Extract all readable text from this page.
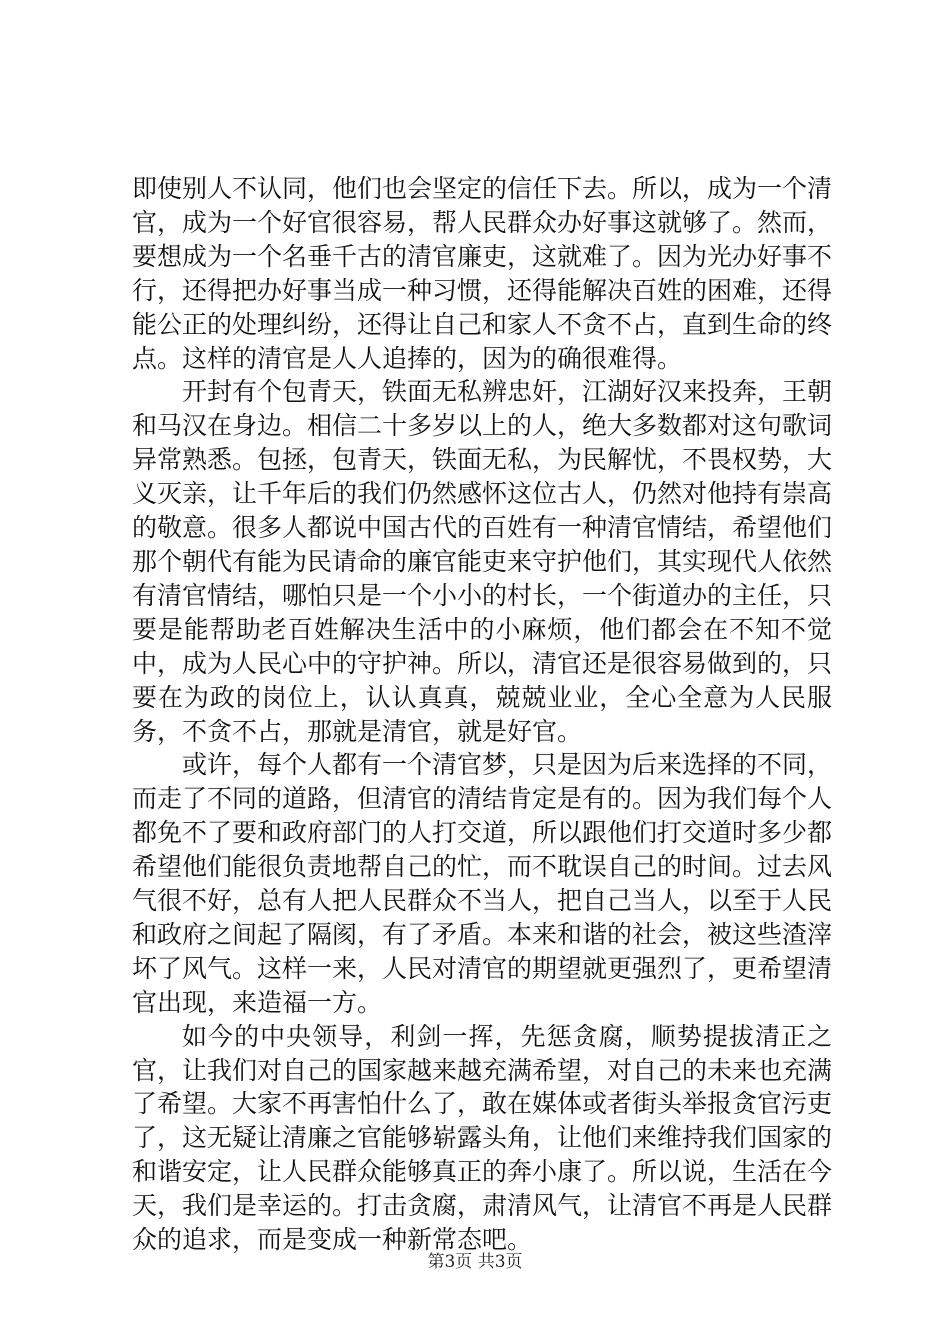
即使别人不认同，他们也会坚定的信任下去。所以，成为一个清官，成为一个好官很容易，帮人民群众办好事这就够了。然而，要想成为一个名垂千古的清官廉吏，这就难了。因为光办好事不行，还得把办好事当成一种习惯，还得能解决百姓的困难，还得能公正的处理纠纷，还得让自己和家人不贪不占，直到生命的终点。这样的清官是人人追捧的，因为的确很难得。

开封有个包青天，铁面无私辨忠奸，江湖好汉来投奔，王朝和马汉在身边。相信二十多岁以上的人，绝大多数都对这句歌词异常熟悉。包拯，包青天，铁面无私，为民解忧，不畏权势，大义灭亲，让千年后的我们仍然感怀这位古人，仍然对他持有崇高的敬意。很多人都说中国古代的百姓有一种清官情结，希望他们那个朝代有能为民请命的廉官能吏来守护他们，其实现代人依然有清官情结，哪怕只是一个小小的村长，一个街道办的主任，只要是能帮助老百姓解决生活中的小麻烦，他们都会在不知不觉中，成为人民心中的守护神。所以，清官还是很容易做到的，只要在为政的岗位上，认认真真，兢兢业业，全心全意为人民服务，不贪不占，那就是清官，就是好官。

或许，每个人都有一个清官梦，只是因为后来选择的不同，而走了不同的道路，但清官的清结肯定是有的。因为我们每个人都免不了要和政府部门的人打交道，所以跟他们打交道时多少都希望他们能很负责地帮自己的忙，而不耽误自己的时间。过去风气很不好，总有人把人民群众不当人，把自己当人，以至于人民和政府之间起了隔阂，有了矛盾。本来和谐的社会，被这些渣滓坏了风气。这样一来，人民对清官的期望就更强烈了，更希望清官出现，来造福一方。

如今的中央领导，利剑一挥，先惩贪腐，顺势提拔清正之官，让我们对自己的国家越来越充满希望，对自己的未来也充满了希望。大家不再害怕什么了，敢在媒体或者街头举报贪官污吏了，这无疑让清廉之官能够崭露头角，让他们来维持我们国家的和谐安定，让人民群众能够真正的奔小康了。所以说，生活在今天，我们是幸运的。打击贪腐，肃清风气，让清官不再是人民群众的追求，而是变成一种新常态吧。

第3页 共3页
